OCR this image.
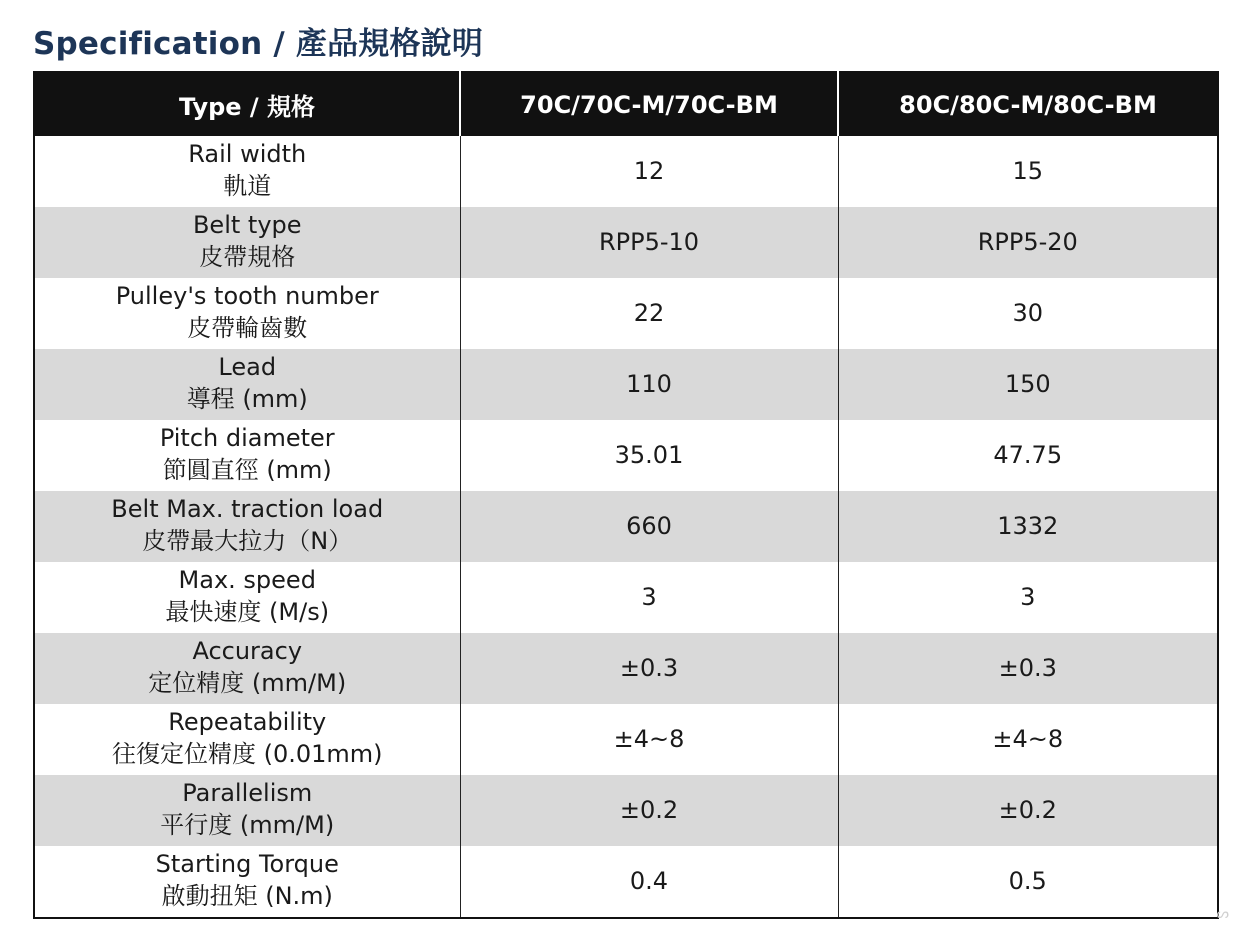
Specification / 產品規格說明
Type / 規格	70C/70C-M/70C-BM	80C/80C-M/80C-BM

Rail width
軌道	12	15

Belt type
皮帶規格	RPP5-10	RPP5-20

Pulley's tooth number
皮帶輪齒數	22	30

Lead
導程 (mm)	110	150

Pitch diameter
節圓直徑 (mm)	35.01	47.75

Belt Max. traction load
皮帶最大拉力（N）	660	1332

Max. speed
最快速度 (M/s)	3	3

Accuracy
定位精度 (mm/M)	±0.3	±0.3

Repeatability
往復定位精度 (0.01mm)	±4~8	±4~8

Parallelism
平行度 (mm/M)	±0.2	±0.2

Starting Torque
啟動扭矩 (N.m)	0.4	0.5
ᔕ
